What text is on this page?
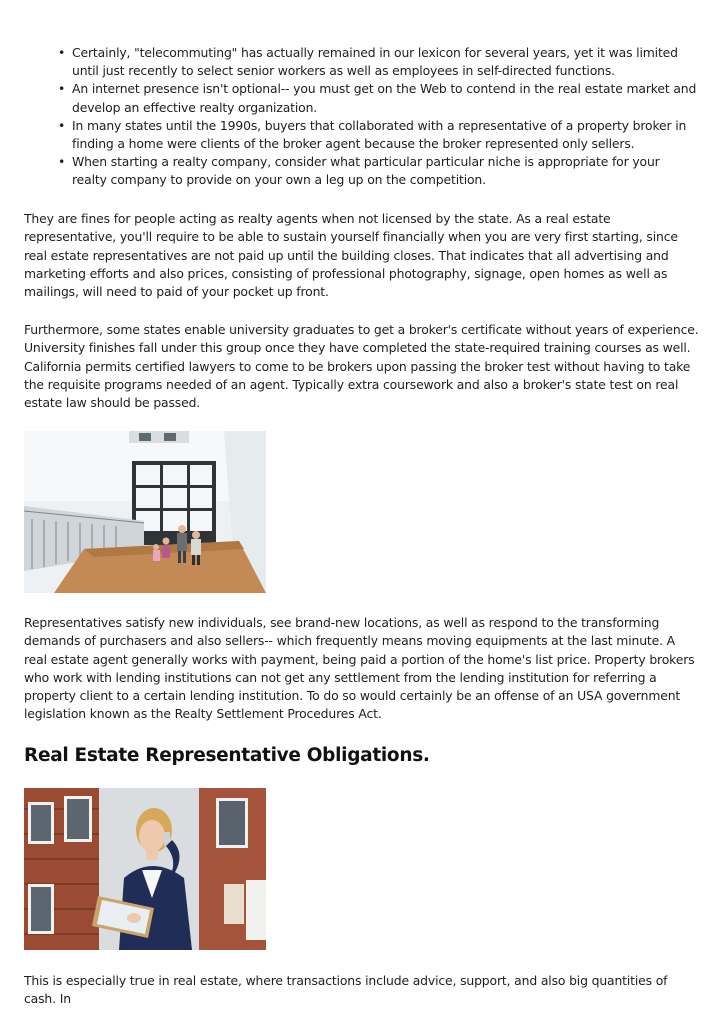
• Certainly, "telecommuting" has actually remained in our lexicon for several years, yet it was limited until just recently to select senior workers as well as employees in self-directed functions.
• An internet presence isn't optional-- you must get on the Web to contend in the real estate market and develop an effective realty organization.
• In many states until the 1990s, buyers that collaborated with a representative of a property broker in finding a home were clients of the broker agent because the broker represented only sellers.
• When starting a realty company, consider what particular particular niche is appropriate for your realty company to provide on your own a leg up on the competition.

They are fines for people acting as realty agents when not licensed by the state. As a real estate representative, you'll require to be able to sustain yourself financially when you are very first starting, since real estate representatives are not paid up until the building closes. That indicates that all advertising and marketing efforts and also prices, consisting of professional photography, signage, open homes as well as mailings, will need to paid of your pocket up front.

Furthermore, some states enable university graduates to get a broker's certificate without years of experience. University finishes fall under this group once they have completed the state-required training courses as well. California permits certified lawyers to come to be brokers upon passing the broker test without having to take the requisite programs needed of an agent. Typically extra coursework and also a broker's state test on real estate law should be passed.

Representatives satisfy new individuals, see brand-new locations, as well as respond to the transforming demands of purchasers and also sellers-- which frequently means moving equipments at the last minute. A real estate agent generally works with payment, being paid a portion of the home's list price. Property brokers who work with lending institutions can not get any settlement from the lending institution for referring a property client to a certain lending institution. To do so would certainly be an offense of an USA government legislation known as the Realty Settlement Procedures Act.

Real Estate Representative Obligations.

This is especially true in real estate, where transactions include advice, support, and also big quantities of cash. In
